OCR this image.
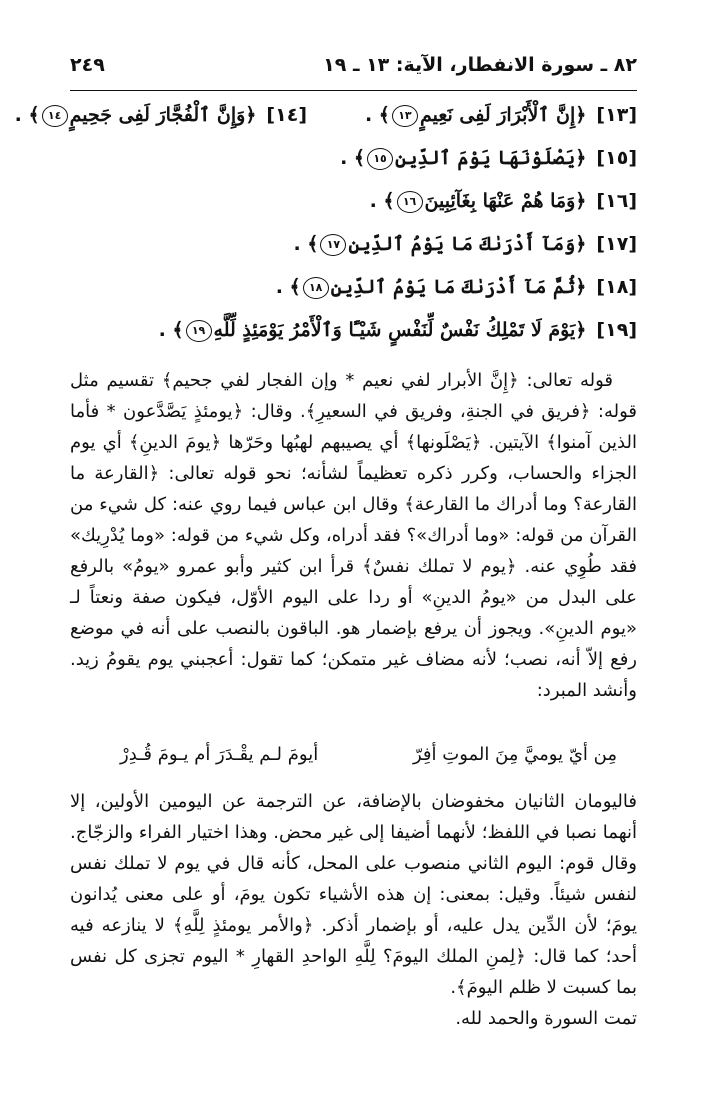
٢٤٩	٨٢ ـ سورة الانفطار، الآية: ١٣ ـ ١٩
[١٣]﴿إِنَّ ٱلْأَبْرَارَ لَفِى نَعِيمٍ١٣﴾ .
[١٤]﴿وَإِنَّ ٱلْفُجَّارَ لَفِى جَحِيمٍ١٤﴾ .
[١٥]﴿يَصْلَوْنَهَا يَوْمَ ٱلدِّينِ١٥﴾ .
[١٦]﴿وَمَا هُمْ عَنْهَا بِغَآئِبِينَ١٦﴾ .
[١٧]﴿وَمَآ أَدْرَىٰكَ مَا يَوْمُ ٱلدِّينِ١٧﴾ .
[١٨]﴿ثُمَّ مَآ أَدْرَىٰكَ مَا يَوْمُ ٱلدِّينِ١٨﴾ .
[١٩]﴿يَوْمَ لَا تَمْلِكُ نَفْسٌ لِّنَفْسٍ شَيْـًٔا وَٱلْأَمْرُ يَوْمَئِذٍ لِّلَّهِ١٩﴾ .

قوله تعالى: ﴿إِنَّ الأبرار لفي نعيم * وإن الفجار لفي جحيم﴾ تقسيم مثل قوله: ﴿فريق في الجنةِ، وفريق في السعيرِ﴾. وقال: ﴿يومئذٍ يَصَّدَّعون * فأما الذين آمنوا﴾ الآيتين. ﴿يَصْلَونها﴾ أي يصيبهم لهبُها وحَرّها ﴿يومَ الدينِ﴾ أي يوم الجزاء والحساب، وكرر ذكره تعظيماً لشأنه؛ نحو قوله تعالى: ﴿القارعة ما القارعة؟ وما أدراك ما القارعة﴾ وقال ابن عباس فيما روي عنه: كل شيء من القرآن من قوله: «وما أدراك»؟ فقد أدراه، وكل شيء من قوله: «وما يُدْرِيك» فقد طُوِي عنه. ﴿يوم لا تملك نفسٌ﴾ قرأ ابن كثير وأبو عمرو «يومُ» بالرفع على البدل من «يومُ الدينِ» أو ردا على اليوم الأوّل، فيكون صفة ونعتاً لـ «يوم الدينِ». ويجوز أن يرفع بإضمار هو. الباقون بالنصب على أنه في موضع رفع إلاّ أنه، نصب؛ لأنه مضاف غير متمكن؛ كما تقول: أعجبني يوم يقومُ زيد. وأنشد المبرد:

مِن أيّ يوميَّ مِنَ الموتِ أفِرّ
أيومَ لـم يقْـدَرَ أم يـومَ قُـدِرْ

فاليومان الثانيان مخفوضان بالإضافة، عن الترجمة عن اليومين الأولين، إلا أنهما نصبا في اللفظ؛ لأنهما أضيفا إلى غير محض. وهذا اختيار الفراء والزجّاج. وقال قوم: اليوم الثاني منصوب على المحل، كأنه قال في يوم لا تملك نفس لنفس شيئاً. وقيل: بمعنى: إن هذه الأشياء تكون يومَ، أو على معنى يُدانون يومَ؛ لأن الدِّين يدل عليه، أو بإضمار أذكر. ﴿والأمر يومئذٍ لِلَّهِ﴾ لا ينازعه فيه أحد؛ كما قال: ﴿لِمنِ الملك اليومَ؟ لِلَّهِ الواحدِ القهارِ * اليوم تجزى كل نفس بما كسبت لا ظلم اليومَ﴾.

تمت السورة والحمد لله.
